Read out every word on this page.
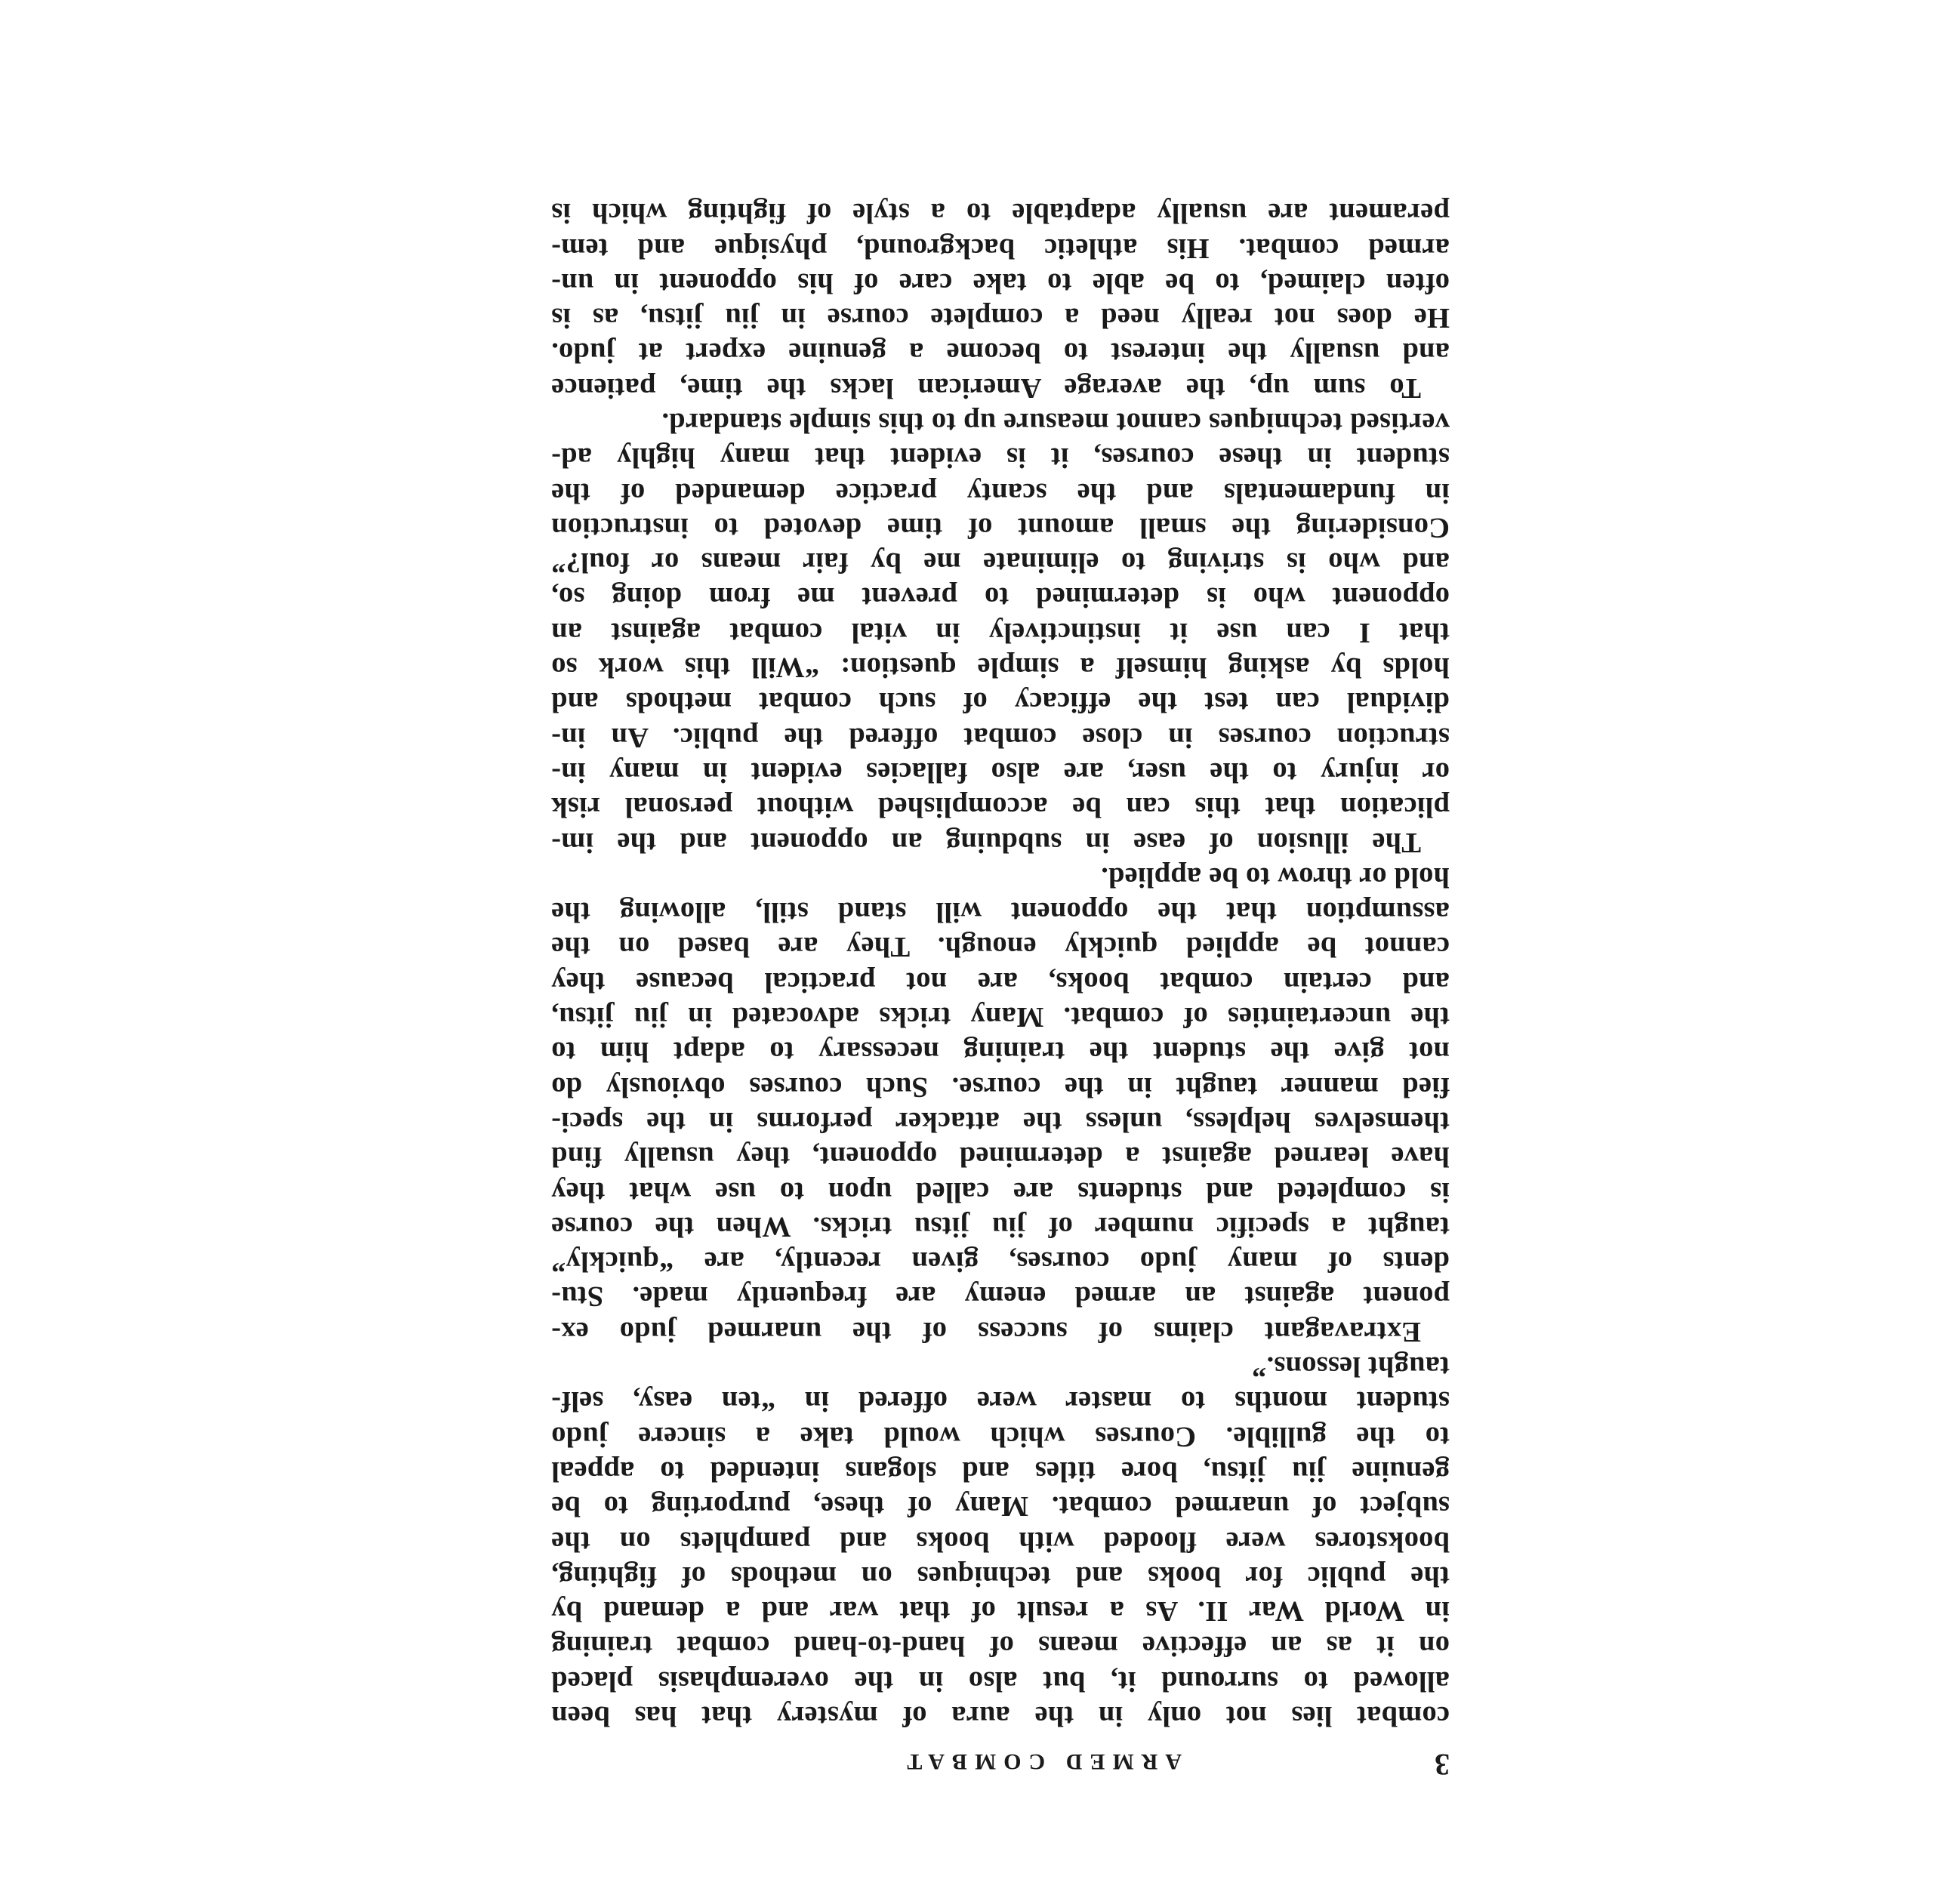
3
ARMED COMBAT
combat lies not only in the aura of mystery that has been
allowed to surround it, but also in the overemphasis placed
on it as an effective means of hand-to-hand combat training
in World War II. As a result of that war and a demand by
the public for books and techniques on methods of fighting,
bookstores were flooded with books and pamphlets on the
subject of unarmed combat. Many of these, purporting to be
genuine jiu jitsu, bore titles and slogans intended to appeal
to the gullible. Courses which would take a sincere judo
student months to master were offered in “ten easy, self-
taught lessons.”
Extravagant claims of success of the unarmed judo ex-
ponent against an armed enemy are frequently made. Stu-
dents of many judo courses, given recently, are “quickly”
taught a specific number of jiu jitsu tricks. When the course
is completed and students are called upon to use what they
have learned against a determined opponent, they usually find
themselves helpless, unless the attacker performs in the speci-
fied manner taught in the course. Such courses obviously do
not give the student the training necessary to adapt him to
the uncertainties of combat. Many tricks advocated in jiu jitsu,
and certain combat books, are not practical because they
cannot be applied quickly enough. They are based on the
assumption that the opponent will stand still, allowing the
hold or throw to be applied.
The illusion of ease in subduing an opponent and the im-
plication that this can be accomplished without personal risk
or injury to the user, are also fallacies evident in many in-
struction courses in close combat offered the public. An in-
dividual can test the efficacy of such combat methods and
holds by asking himself a simple question: “Will this work so
that I can use it instinctively in vital combat against an
opponent who is determined to prevent me from doing so,
and who is striving to eliminate me by fair means or foul?”
Considering the small amount of time devoted to instruction
in fundamentals and the scanty practice demanded of the
student in these courses, it is evident that many highly ad-
vertised techniques cannot measure up to this simple standard.
To sum up, the average American lacks the time, patience
and usually the interest to become a genuine expert at judo.
He does not really need a complete course in jiu jitsu, as is
often claimed, to be able to take care of his opponent in un-
armed combat. His athletic background, physique and tem-
perament are usually adaptable to a style of fighting which is
